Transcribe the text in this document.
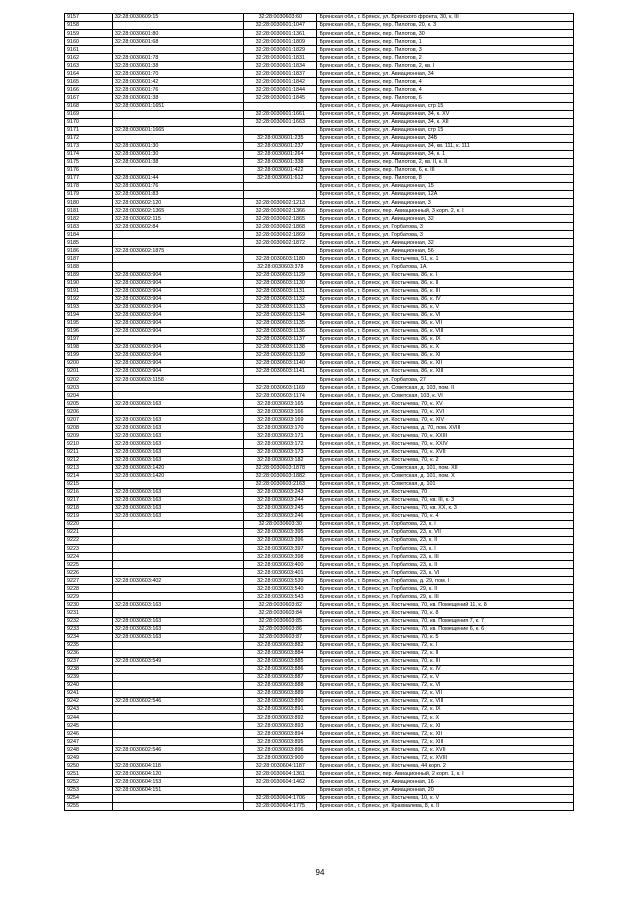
9157	32:28:0030609:15	32:28:0030603:60	Брянская обл., г. Брянск, ул. Брянского фронта, 30, к. III
9158		32:28:0030601:1047	Брянская обл., г. Брянск, пер. Пилотов, 20, к. 3
9159	32:28:0030601:80	32:28:0030601:1361	Брянская обл., г. Брянск, пер. Пилотов, 30
9160	32:28:0030601:68	32:28:0030601:1809	Брянская обл., г. Брянск, пер. Пилотов, 1
9161		32:28:0030601:1829	Брянская обл., г. Брянск, пер. Пилотов, 3
9162	32:28:0030601:78	32:28:0030601:1831	Брянская обл., г. Брянск, пер. Пилотов, 2
9163	32:28:0030601:38	32:28:0030601:1834	Брянская обл., г. Брянск, пер. Пилотов, 2, кв. I
9164	32:28:0030601:70	32:28:0030601:1837	Брянская обл., г. Брянск, ул. Авиационная, 34
9165	32:28:0030601:42	32:28:0030601:1842	Брянская обл., г. Брянск, пер. Пилотов, 4
9166	32:28:0030601:76	32:28:0030601:1844	Брянская обл., г. Брянск, пер. Пилотов, 4
9167	32:28:0030601:38	32:28:0030601:1845	Брянская обл., г. Брянск, пер. Пилотов, 6
9168	32:28:0030601:1651		Брянская обл., г. Брянск, ул. Авиационная, стр 15
9169		32:28:0030601:1661	Брянская обл., г. Брянск, ул. Авиационная, 34, к. XV
9170		32:28:0030601:1663	Брянская обл., г. Брянск, ул. Авиационная, 34, к. XII
9171	32:28:0030601:1665		Брянская обл., г. Брянск, ул. Авиационная, стр 15
9172		32:28:0030601:235	Брянская обл., г. Брянск, ул. Авиационная, 34Б
9173	32:28:0030601:30	32:28:0030601:237	Брянская обл., г. Брянск, ул. Авиационная, 34, кв. 111, к. 111
9174	32:28:0030601:30	32:28:0030601:264	Брянская обл., г. Брянск, ул. Авиационная, 34, к. 1
9175	32:28:0030601:38	32:28:0030601:338	Брянская обл., г. Брянск, пер. Пилотов, 2, кв. II, к. II
9176		32:28:0030601:422	Брянская обл., г. Брянск, пер. Пилотов, 6, к. III
9177	32:28:0030601:44	32:28:0030601:612	Брянская обл., г. Брянск, пер. Пилотов, 8
9178	32:28:0030601:76		Брянская обл., г. Брянск, ул. Авиационная, 15
9179	32:28:0030601:83		Брянская обл., г. Брянск, ул. Авиационная, 12А
9180	32:28:0030602:120	32:28:0030602:1213	Брянская обл., г. Брянск, ул. Авиационная, 3
9181	32:28:0030602:1365	32:28:0030602:1366	Брянская обл., г. Брянск, пер. Авиационный, 3 корп. 2, к. I
9182	32:28:0030602:115	32:28:0030602:1865	Брянская обл., г. Брянск, ул. Авиационная, 32
9183	32:28:0030602:84	32:28:0030602:1868	Брянская обл., г. Брянск, ул. Горбатова, 3
9184		32:28:0030602:1869	Брянская обл., г. Брянск, ул. Горбатова, 3
9185		32:28:0030602:1872	Брянская обл., г. Брянск, ул. Авиационная, 32
9186	32:28:0030602:1875		Брянская обл., г. Брянск, ул. Авиационная, 56
9187		32:28:0030603:1180	Брянская обл., г. Брянск, ул. Костычева, 51, к. 1
9188		32:28:0030603:378	Брянская обл., г. Брянск, ул. Горбатова, 1А
9189	32:28:0030603:904	32:28:0030603:1129	Брянская обл., г. Брянск, ул. Костычева, 86, к. I
9190	32:28:0030603:904	32:28:0030603:1130	Брянская обл., г. Брянск, ул. Костычева, 86, к. II
9191	32:28:0030603:904	32:28:0030603:1131	Брянская обл., г. Брянск, ул. Костычева, 86, к. III
9192	32:28:0030603:904	32:28:0030603:1132	Брянская обл., г. Брянск, ул. Костычева, 86, к. IV
9193	32:28:0030603:904	32:28:0030603:1133	Брянская обл., г. Брянск, ул. Костычева, 86, к. V
9194	32:28:0030603:904	32:28:0030603:1134	Брянская обл., г. Брянск, ул. Костычева, 86, к. VI
9195	32:28:0030603:904	32:28:0030603:1135	Брянская обл., г. Брянск, ул. Костычева, 86, к. VII
9196	32:28:0030603:904	32:28:0030603:1136	Брянская обл., г. Брянск, ул. Костычева, 86, к. VIII
9197		32:28:0030603:1137	Брянская обл., г. Брянск, ул. Костычева, 86, к. IX
9198	32:28:0030603:904	32:28:0030603:1138	Брянская обл., г. Брянск, ул. Костычева, 86, к. X
9199	32:28:0030603:904	32:28:0030603:1139	Брянская обл., г. Брянск, ул. Костычева, 86, к. XI
9200	32:28:0030603:904	32:28:0030603:1140	Брянская обл., г. Брянск, ул. Костычева, 86, к. XII
9201	32:28:0030603:904	32:28:0030603:1141	Брянская обл., г. Брянск, ул. Костычева, 86, к. XIII
9202	32:28:0030603:1158		Брянская обл., г. Брянск, ул. Горбатова, 27
9203		32:28:0030603:1169	Брянская обл., г. Брянск, ул. Советская, д. 103, пом. II
9204		32:28:0030603:1174	Брянская обл., г. Брянск, ул. Советская, 103, к. VI
9205	32:28:0030603:163	32:28:0030603:165	Брянская обл., г. Брянск, ул. Костычева, 70, к. XV
9206		32:28:0030603:166	Брянская обл., г. Брянск, ул. Костычева, 70, к. XVI
9207	32:28:0030603:163	32:28:0030603:169	Брянская обл., г. Брянск, ул. Костычева, 70, к. XIV
9208	32:28:0030603:163	32:28:0030603:170	Брянская обл., г. Брянск, ул. Костычева, д. 70, пом. XVIII
9209	32:28:0030603:163	32:28:0030603:171	Брянская обл., г. Брянск, ул. Костычева, 70, к. XXIII
9210	32:28:0030603:163	32:28:0030603:172	Брянская обл., г. Брянск, ул. Костычева, 70, к. XXIV
9211	32:28:0030603:163	32:28:0030603:173	Брянская обл., г. Брянск, ул. Костычева, 70, к. XVII
9212	32:28:0030603:163	32:28:0030603:182	Брянская обл., г. Брянск, ул. Костычева, 70, к. 2
9213	32:28:0030603:1420	32:28:0030603:1878	Брянская обл., г. Брянск, ул. Советская, д. 101, пом. XII
9214	32:28:0030603:1420	32:28:0030603:1882	Брянская обл., г. Брянск, ул. Советская, д. 101, пом. X
9215		32:28:0030603:2163	Брянская обл., г. Брянск, ул. Советская, д. 101
9216	32:28:0030603:163	32:28:0030603:243	Брянская обл., г. Брянск, ул. Костычева, 70
9217	32:28:0030603:163	32:28:0030603:244	Брянская обл., г. Брянск, ул. Костычева, 70, кв. III, к. 3
9218	32:28:0030603:163	32:28:0030603:245	Брянская обл., г. Брянск, ул. Костычева, 70, кв. XX, к. 3
9219	32:28:0030603:163	32:28:0030603:246	Брянская обл., г. Брянск, ул. Костычева, 70, к. 4
9220		32:28:0030603:30	Брянская обл., г. Брянск, ул. Горбатова, 23, к. I
9221		32:28:0030603:395	Брянская обл., г. Брянск, ул. Горбатова, 23, к. VII
9222		32:28:0030603:396	Брянская обл., г. Брянск, ул. Горбатова, 23, к. II
9223		32:28:0030603:397	Брянская обл., г. Брянск, ул. Горбатова, 23, к. I
9224		32:28:0030603:398	Брянская обл., г. Брянск, ул. Горбатова, 23, к. III
9225		32:28:0030603:400	Брянская обл., г. Брянск, ул. Горбатова, 23, к. II
9226		32:28:0030603:401	Брянская обл., г. Брянск, ул. Горбатова, 23, к. VI
9227	32:28:0030603:402	32:28:0030603:539	Брянская обл., г. Брянск, ул. Горбатова, д. 29, пом. I
9228		32:28:0030603:540	Брянская обл., г. Брянск, ул. Горбатова, 29, к. II
9229		32:28:0030603:543	Брянская обл., г. Брянск, ул. Горбатова, 29, к. III
9230	32:28:0030603:163	32:28:0030603:82	Брянская обл., г. Брянск, ул. Костычева, 70, кв. Помещений 11, к. 8
9231		32:28:0030603:84	Брянская обл., г. Брянск, ул. Костычева, 70, к. 8
9232	32:28:0030603:163	32:28:0030603:85	Брянская обл., г. Брянск, ул. Костычева, 70, кв. Помещения 7, к. 7
9233	32:28:0030603:163	32:28:0030603:86	Брянская обл., г. Брянск, ул. Костычева, 70, кв. Помещение 6, к. 6
9234	32:28:0030603:163	32:28:0030603:87	Брянская обл., г. Брянск, ул. Костычева, 70, к. 5
9235		32:28:0030603:882	Брянская обл., г. Брянск, ул. Костычева, 72, к. I
9236		32:28:0030603:884	Брянская обл., г. Брянск, ул. Костычева, 72, к. II
9237	32:28:0030603:549	32:28:0030603:885	Брянская обл., г. Брянск, ул. Костычева, 70, к. III
9238		32:28:0030603:886	Брянская обл., г. Брянск, ул. Костычева, 72, к. IV
9239		32:28:0030603:887	Брянская обл., г. Брянск, ул. Костычева, 72, к. V
9240		32:28:0030603:888	Брянская обл., г. Брянск, ул. Костычева, 72, к. VI
9241		32:28:0030603:889	Брянская обл., г. Брянск, ул. Костычева, 72, к. VII
9242	32:28:0030602:546	32:28:0030603:890	Брянская обл., г. Брянск, ул. Костычева, 72, к. VIII
9243		32:28:0030603:891	Брянская обл., г. Брянск, ул. Костычева, 72, к. IX
9244		32:28:0030603:892	Брянская обл., г. Брянск, ул. Костычева, 72, к. X
9245		32:28:0030603:893	Брянская обл., г. Брянск, ул. Костычева, 72, к. XI
9246		32:28:0030603:894	Брянская обл., г. Брянск, ул. Костычева, 72, к. XII
9247		32:28:0030603:895	Брянская обл., г. Брянск, ул. Костычева, 72, к. XIII
9248	32:28:0030602:546	32:28:0030603:896	Брянская обл., г. Брянск, ул. Костычева, 72, к. XVII
9249		32:28:0030603:900	Брянская обл., г. Брянск, ул. Костычева, 72, к. XVIII
9250	32:28:0030604:118	32:28:0030604:1187	Брянская обл., г. Брянск, ул. Костычева, 44 корп. 2
9251	32:28:0030604:120	32:28:0030604:1361	Брянская обл., г. Брянск, пер. Авиационный, 2 корп. 1, к. I
9252	32:28:0030604:153	32:28:0030604:1462	Брянская обл., г. Брянск, ул. Авиационная, 16
9253	32:28:0030604:151		Брянская обл., г. Брянск, ул. Авиационная, 20
9254		32:28:0030604:1706	Брянская обл., г. Брянск, ул. Костычева, 10, к. V
9255		32:28:0030604:1775	Брянская обл., г. Брянск, ул. Крахмалева, 8, к. II
94
